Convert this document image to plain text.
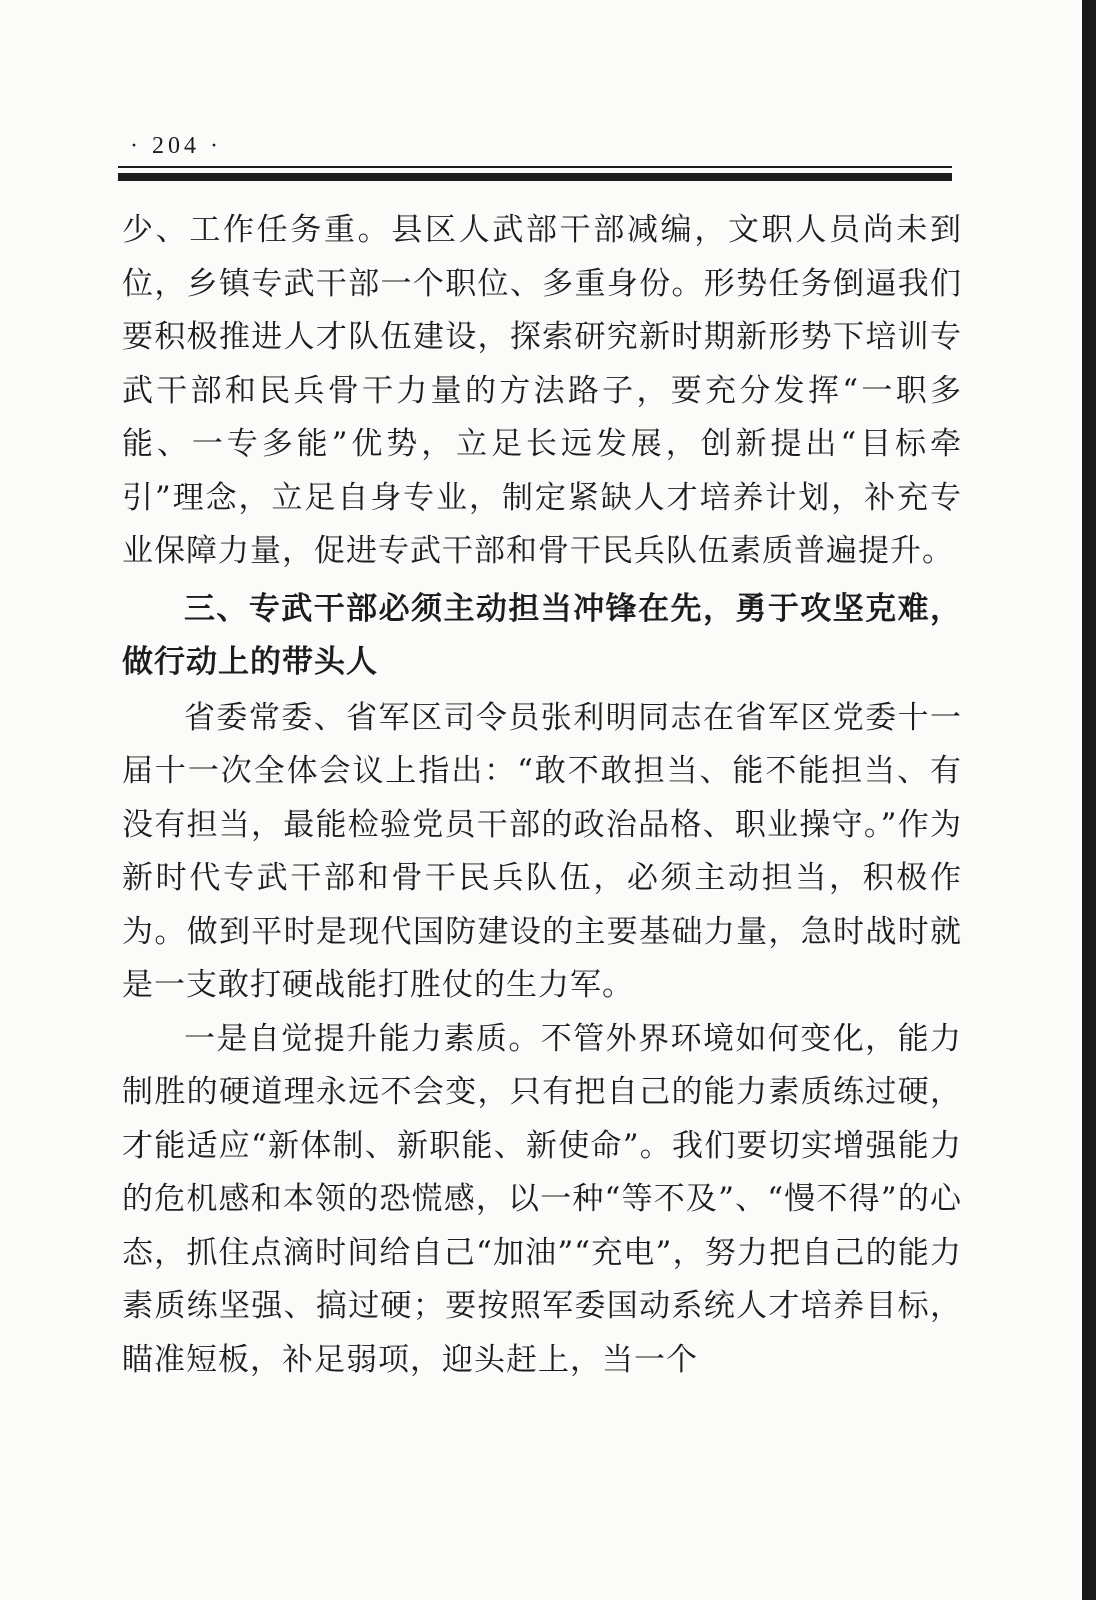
· 204 ·

少、工作任务重。县区人武部干部减编，文职人员尚未到位，乡镇专武干部一个职位、多重身份。形势任务倒逼我们要积极推进人才队伍建设，探索研究新时期新形势下培训专武干部和民兵骨干力量的方法路子，要充分发挥“一职多能、一专多能”优势，立足长远发展，创新提出“目标牵引”理念，立足自身专业，制定紧缺人才培养计划，补充专业保障力量，促进专武干部和骨干民兵队伍素质普遍提升。

三、专武干部必须主动担当冲锋在先，勇于攻坚克难，做行动上的带头人

省委常委、省军区司令员张利明同志在省军区党委十一届十一次全体会议上指出：“敢不敢担当、能不能担当、有没有担当，最能检验党员干部的政治品格、职业操守。”作为新时代专武干部和骨干民兵队伍，必须主动担当，积极作为。做到平时是现代国防建设的主要基础力量，急时战时就是一支敢打硬战能打胜仗的生力军。

一是自觉提升能力素质。不管外界环境如何变化，能力制胜的硬道理永远不会变，只有把自己的能力素质练过硬，才能适应“新体制、新职能、新使命”。我们要切实增强能力的危机感和本领的恐慌感，以一种“等不及”、“慢不得”的心态，抓住点滴时间给自己“加油”“充电”，努力把自己的能力素质练坚强、搞过硬；要按照军委国动系统人才培养目标，瞄准短板，补足弱项，迎头赶上，当一个
